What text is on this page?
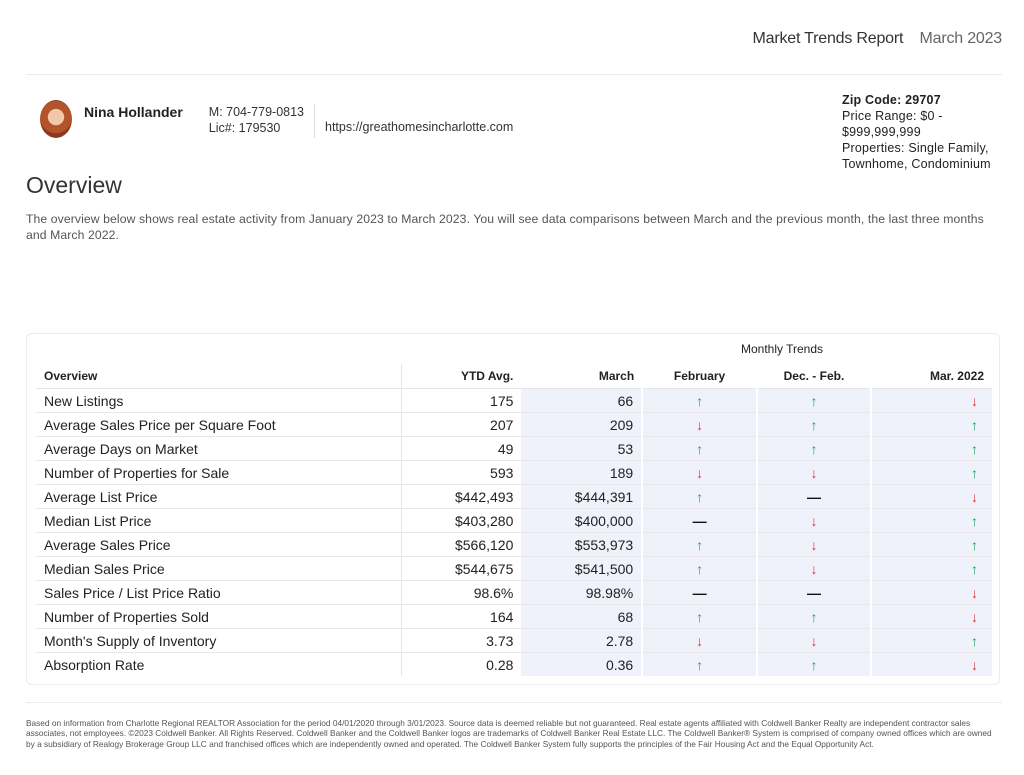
Market Trends Report March 2023
Nina Hollander M: 704-779-0813
Lic#: 179530	https://greathomesincharlotte.com
Zip Code: 29707
Price Range: $0 - $999,999,999
Properties: Single Family, Townhome, Condominium
Overview

The overview below shows real estate activity from January 2023 to March 2023. You will see data comparisons between March and the previous month, the last three months and March 2022.

Monthly Trends
Overview	YTD Avg.	March	February	Dec. - Feb.	Mar. 2022
New Listings	175	66	↑	↑	↓
Average Sales Price per Square Foot	207	209	↓	↑	↑
Average Days on Market	49	53	↑	↑	↑
Number of Properties for Sale	593	189	↓	↓	↑
Average List Price	$442,493	$444,391	↑	—	↓
Median List Price	$403,280	$400,000	—	↓	↑
Average Sales Price	$566,120	$553,973	↑	↓	↑
Median Sales Price	$544,675	$541,500	↑	↓	↑
Sales Price / List Price Ratio	98.6%	98.98%	—	—	↓
Number of Properties Sold	164	68	↑	↑	↓
Month's Supply of Inventory	3.73	2.78	↓	↓	↑
Absorption Rate	0.28	0.36	↑	↑	↓

Based on information from Charlotte Regional REALTOR Association for the period 04/01/2020 through 3/01/2023. Source data is deemed reliable but not guaranteed. Real estate agents affiliated with Coldwell Banker Realty are independent contractor sales associates, not employees. ©2023 Coldwell Banker. All Rights Reserved. Coldwell Banker and the Coldwell Banker logos are trademarks of Coldwell Banker Real Estate LLC. The Coldwell Banker® System is comprised of company owned offices which are owned by a subsidiary of Realogy Brokerage Group LLC and franchised offices which are independently owned and operated. The Coldwell Banker System fully supports the principles of the Fair Housing Act and the Equal Opportunity Act.
